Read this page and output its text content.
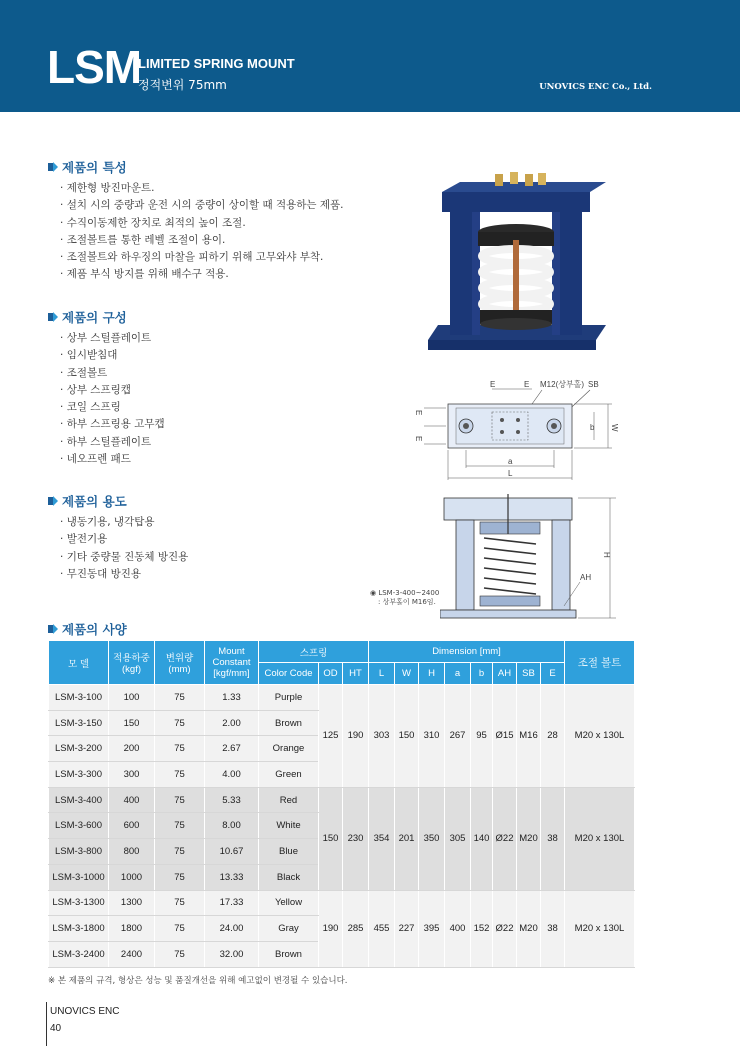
LSM
LIMITED SPRING MOUNT
정적변위 75mm	UNOVICS ENC Co., Ltd.
제품의 특성
· 제한형 방진마운트.
· 설치 시의 중량과 운전 시의 중량이 상이할 때 적용하는 제품.
· 수직이동제한 장치로 최적의 높이 조절.
· 조절볼트를 통한 레벨 조절이 용이.
· 조절볼트와 하우징의 마찰을 피하기 위해 고무와샤 부착.
· 제품 부식 방지를 위해 배수구 적용.
제품의 구성
· 상부 스틸플레이트
· 임시받침대
· 조절볼트
· 상부 스프링캡
· 코일 스프링
· 하부 스프링용 고무캡
· 하부 스틸플레이트
· 네오프렌 패드
제품의 용도
· 냉동기용, 냉각탑용
· 발전기용
· 기타 중량물 진동체 방진용
· 무진동대 방진용
E	E M12(상부홀) SB
E
E
b W
a
L
H
AH
◉ LSM-3-400~2400
: 상부홀이 M16임.
제품의 사양
모 델	적용하중
(kgf)	변위량
(mm)	Mount
Constant
[kgf/mm]	스프링			Dimension [mm]								조절 볼트
				Color Code	OD	HT	L	W	H	a	b	AH	SB	E	
LSM-3-100	100	75	1.33	Purple	125	190	303	150	310	267	95	Ø15	M16	28	M20 x 130L
LSM-3-150	150	75	2.00	Brown											
LSM-3-200	200	75	2.67	Orange											
LSM-3-300	300	75	4.00	Green											
LSM-3-400	400	75	5.33	Red	150	230	354	201	350	305	140	Ø22	M20	38	M20 x 130L
LSM-3-600	600	75	8.00	White											
LSM-3-800	800	75	10.67	Blue											
LSM-3-1000	1000	75	13.33	Black											
LSM-3-1300	1300	75	17.33	Yellow	190	285	455	227	395	400	152	Ø22	M20	38	M20 x 130L
LSM-3-1800	1800	75	24.00	Gray											
LSM-3-2400	2400	75	32.00	Brown											
※ 본 제품의 규격, 형상은 성능 및 품질개선을 위해 예고없이 변경될 수 있습니다.
UNOVICS ENC
40
